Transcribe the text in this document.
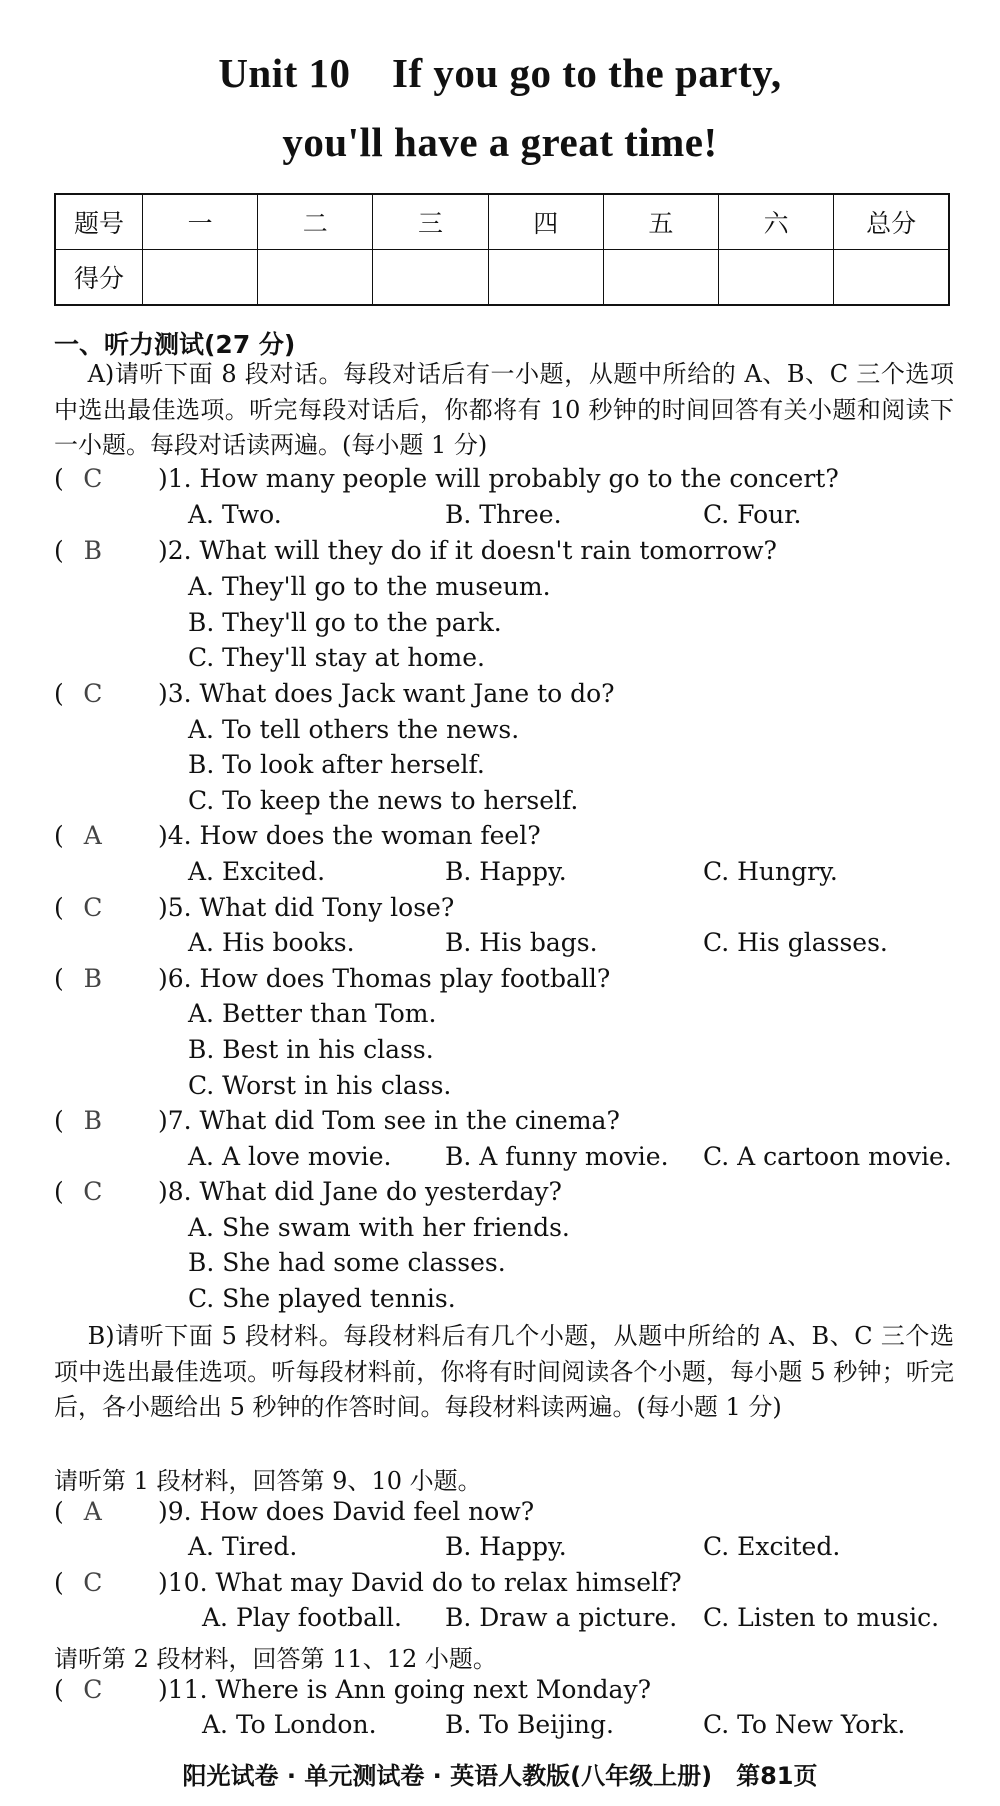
Unit 10　If you go to the party,
you'll have a great time!
题号	一	二	三	四	五	六	总分
得分							
一、听力测试(27 分)

A)请听下面 8 段对话。每段对话后有一小题，从题中所给的 A、B、C 三个选项中选出最佳选项。听完每段对话后，你都将有 10 秒钟的时间回答有关小题和阅读下一小题。每段对话读两遍。(每小题 1 分)

( C )1. How many people will probably go to the concert?
A. Two.	B. Three.	C. Four.
( B )2. What will they do if it doesn't rain tomorrow?
A. They'll go to the museum.
B. They'll go to the park.
C. They'll stay at home.
( C )3. What does Jack want Jane to do?
A. To tell others the news.
B. To look after herself.
C. To keep the news to herself.
( A )4. How does the woman feel?
A. Excited.	B. Happy.	C. Hungry.
( C )5. What did Tony lose?
A. His books.	B. His bags.	C. His glasses.
( B )6. How does Thomas play football?
A. Better than Tom.
B. Best in his class.
C. Worst in his class.
( B )7. What did Tom see in the cinema?
A. A love movie. B. A funny movie. C. A cartoon movie.
( C )8. What did Jane do yesterday?
A. She swam with her friends.
B. She had some classes.
C. She played tennis.

B)请听下面 5 段材料。每段材料后有几个小题，从题中所给的 A、B、C 三个选项中选出最佳选项。听每段材料前，你将有时间阅读各个小题，每小题 5 秒钟；听完后，各小题给出 5 秒钟的作答时间。每段材料读两遍。(每小题 1 分)

请听第 1 段材料，回答第 9、10 小题。
( A )9. How does David feel now?
A. Tired.	B. Happy.	C. Excited.
( C )10. What may David do to relax himself?
A. Play football. B. Draw a picture. C. Listen to music.
请听第 2 段材料，回答第 11、12 小题。
( C )11. Where is Ann going next Monday?
A. To London.	B. To Beijing.	C. To New York.
阳光试卷 · 单元测试卷 · 英语人教版(八年级上册)　第81页
